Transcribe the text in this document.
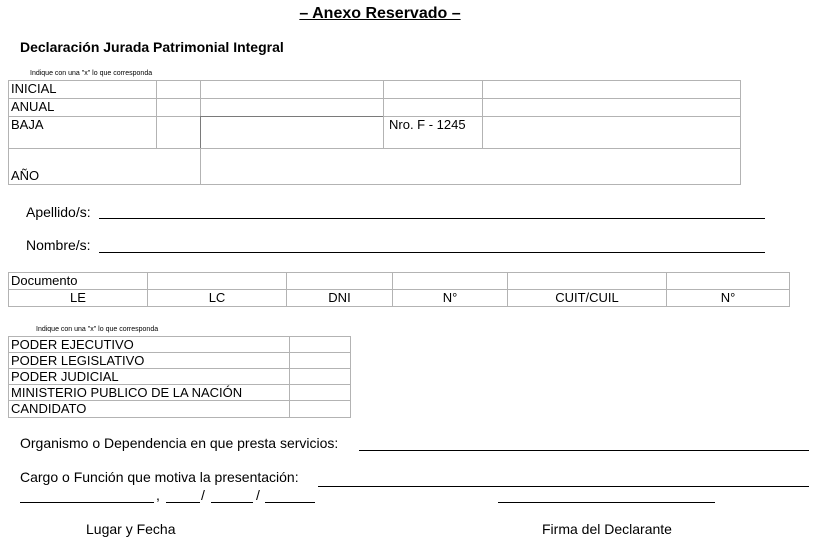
– Anexo Reservado –
Declaración Jurada Patrimonial Integral
Indique con una "x" lo que corresponda
INICIAL
ANUAL
BAJA	Nro. F - 1245
AÑO
Apellido/s:
Nombre/s:
Documento
LE	LC	DNI	N°	CUIT/CUIL	N°
Indique con una "x" lo que corresponda
PODER EJECUTIVO
PODER LEGISLATIVO
PODER JUDICIAL
MINISTERIO PUBLICO DE LA NACIÓN
CANDIDATO
Organismo o Dependencia en que presta servicios:
Cargo o Función que motiva la presentación:
,	/	/
Lugar y Fecha	Firma del Declarante
